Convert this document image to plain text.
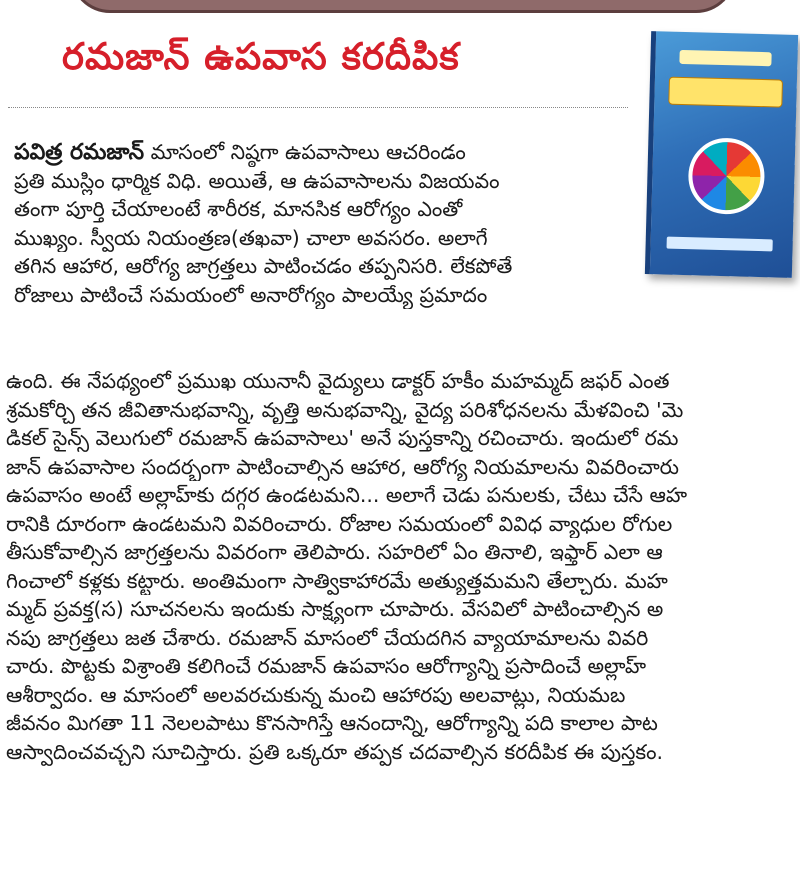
రమజాన్ ఉపవాస కరదీపిక
పవిత్ర రమజాన్ మాసంలో నిష్ఠగా ఉపవాసాలు ఆచరిండం
ప్రతి ముస్లిం ధార్మిక విధి. అయితే, ఆ ఉపవాసాలను విజయవం
తంగా పూర్తి చేయాలంటే శారీరక, మానసిక ఆరోగ్యం ఎంతో
ముఖ్యం. స్వీయ నియంత్రణ(తఖవా) చాలా అవసరం. అలాగే
తగిన ఆహార, ఆరోగ్య జాగ్రత్తలు పాటించడం తప్పనిసరి. లేకపోతే
రోజాలు పాటించే సమయంలో అనారోగ్యం పాలయ్యే ప్రమాదం
ఉంది. ఈ నేపథ్యంలో ప్రముఖ యునానీ వైద్యులు డాక్టర్ హకీం మహమ్మద్ జఫర్ ఎంత
శ్రమకోర్చి తన జీవితానుభవాన్ని, వృత్తి అనుభవాన్ని, వైద్య పరిశోధనలను మేళవించి 'మె
డికల్ సైన్స్ వెలుగులో రమజాన్ ఉపవాసాలు' అనే పుస్తకాన్ని రచించారు. ఇందులో రమ
జాన్ ఉపవాసాల సందర్భంగా పాటించాల్సిన ఆహార, ఆరోగ్య నియమాలను వివరించారు
ఉపవాసం అంటే అల్లాహ్‌కు దగ్గర ఉండటమని... అలాగే చెడు పనులకు, చేటు చేసే ఆహ
రానికి దూరంగా ఉండటమని వివరించారు. రోజాల సమయంలో వివిధ వ్యాధుల రోగుల
తీసుకోవాల్సిన జాగ్రత్తలను వివరంగా తెలిపారు. సహరిలో ఏం తినాలి, ఇఫ్తార్ ఎలా ఆ
గించాలో కళ్లకు కట్టారు. అంతిమంగా సాత్వికాహారమే అత్యుత్తమమని తేల్చారు. మహ
మ్మద్ ప్రవక్త(స) సూచనలను ఇందుకు సాక్ష్యంగా చూపారు. వేసవిలో పాటించాల్సిన అ
నపు జాగ్రత్తలు జత చేశారు. రమజాన్ మాసంలో చేయదగిన వ్యాయామాలను వివరి
చారు. పొట్టకు విశ్రాంతి కలిగించే రమజాన్ ఉపవాసం ఆరోగ్యాన్ని ప్రసాదించే అల్లాహ్
ఆశీర్వాదం. ఆ మాసంలో అలవరచుకున్న మంచి ఆహారపు అలవాట్లు, నియమబ
జీవనం మిగతా 11 నెలలపాటు కొనసాగిస్తే ఆనందాన్ని, ఆరోగ్యాన్ని పది కాలాల పాట
ఆస్వాదించవచ్చని సూచిస్తారు. ప్రతి ఒక్కరూ తప్పక చదవాల్సిన కరదీపిక ఈ పుస్తకం.
